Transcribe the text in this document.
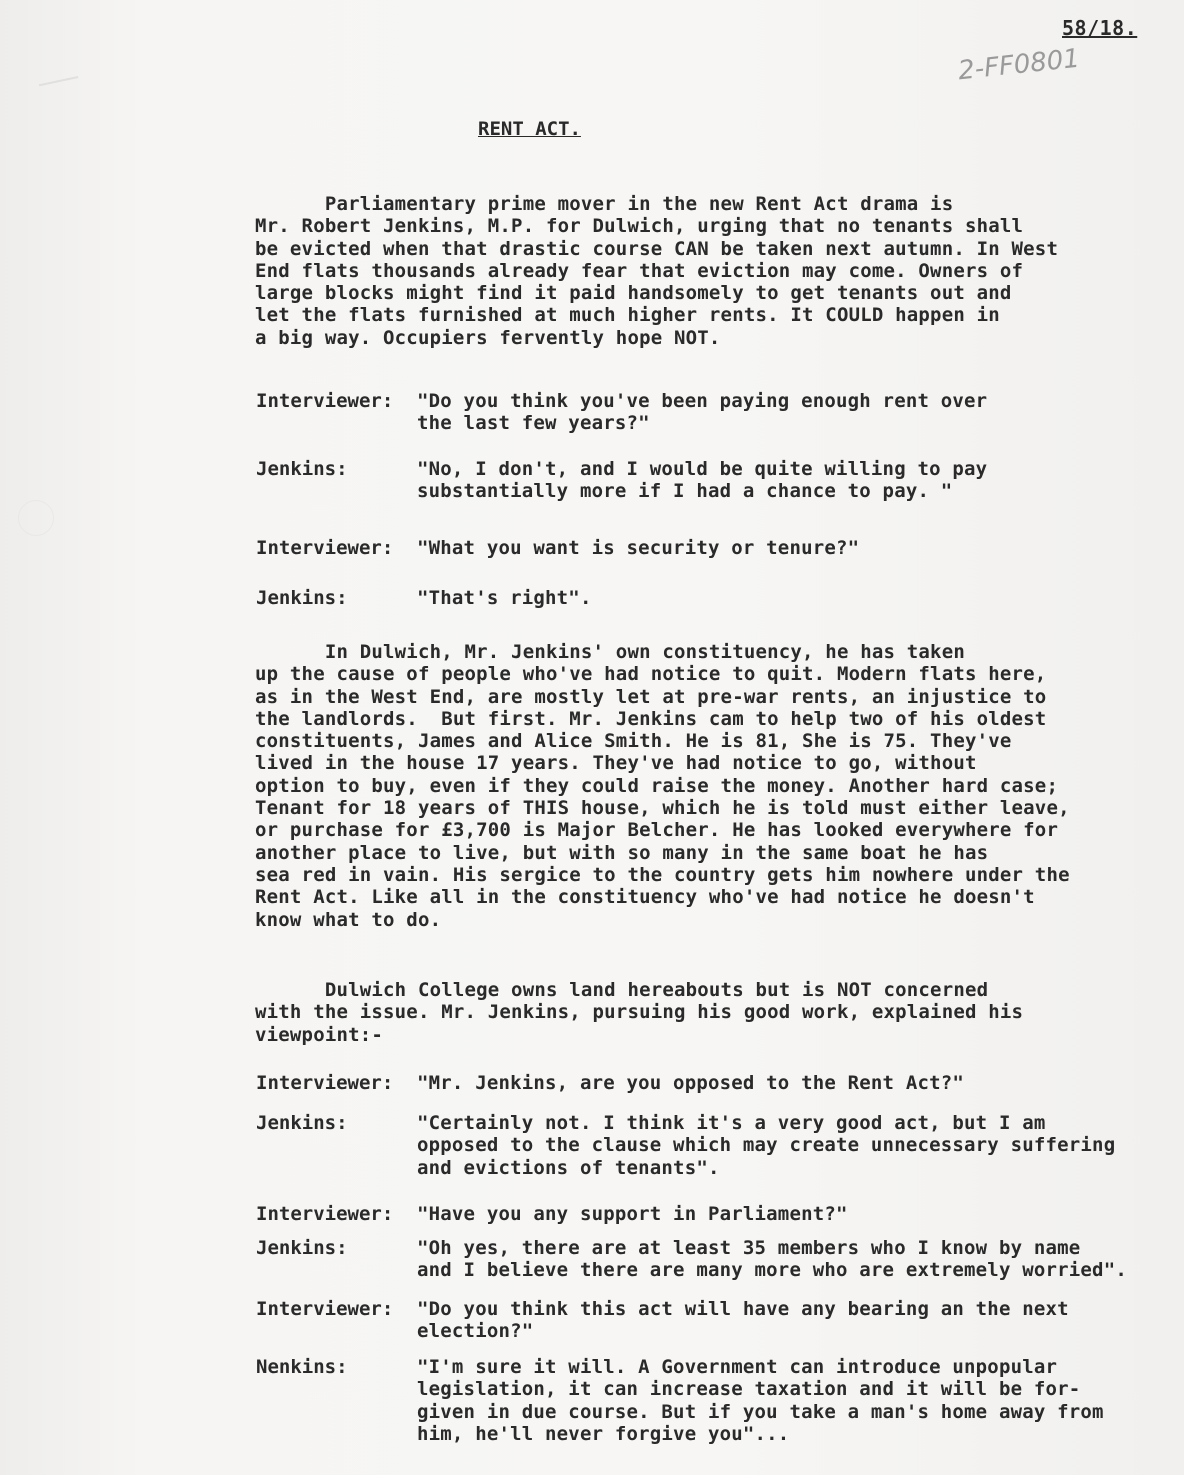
58/18.
2-FF0801
RENT ACT.
Parliamentary prime mover in the new Rent Act drama is
Mr. Robert Jenkins, M.P. for Dulwich, urging that no tenants shall
be evicted when that drastic course CAN be taken next autumn. In West
End flats thousands already fear that eviction may come. Owners of
large blocks might find it paid handsomely to get tenants out and
let the flats furnished at much higher rents. It COULD happen in
a big way. Occupiers fervently hope NOT.
Interviewer: "Do you think you've been paying enough rent over
the last few years?"
Jenkins:	"No, I don't, and I would be quite willing to pay
substantially more if I had a chance to pay. "
Interviewer: "What you want is security or tenure?"
Jenkins:	"That's right".
In Dulwich, Mr. Jenkins' own constituency, he has taken
up the cause of people who've had notice to quit. Modern flats here,
as in the West End, are mostly let at pre-war rents, an injustice to
the landlords.  But first. Mr. Jenkins cam to help two of his oldest
constituents, James and Alice Smith. He is 81, She is 75. They've
lived in the house 17 years. They've had notice to go, without
option to buy, even if they could raise the money. Another hard case;
Tenant for 18 years of THIS house, which he is told must either leave,
or purchase for £3,700 is Major Belcher. He has looked everywhere for
another place to live, but with so many in the same boat he has
sea red in vain. His sergice to the country gets him nowhere under the
Rent Act. Like all in the constituency who've had notice he doesn't
know what to do.
Dulwich College owns land hereabouts but is NOT concerned
with the issue. Mr. Jenkins, pursuing his good work, explained his
viewpoint:-
Interviewer: "Mr. Jenkins, are you opposed to the Rent Act?"
Jenkins:	"Certainly not. I think it's a very good act, but I am
opposed to the clause which may create unnecessary suffering
and evictions of tenants".
Interviewer: "Have you any support in Parliament?"
Jenkins:	"Oh yes, there are at least 35 members who I know by name
and I believe there are many more who are extremely worried".
Interviewer: "Do you think this act will have any bearing an the next
election?"
Nenkins:	"I'm sure it will. A Government can introduce unpopular
legislation, it can increase taxation and it will be for-
given in due course. But if you take a man's home away from
him, he'll never forgive you"...
